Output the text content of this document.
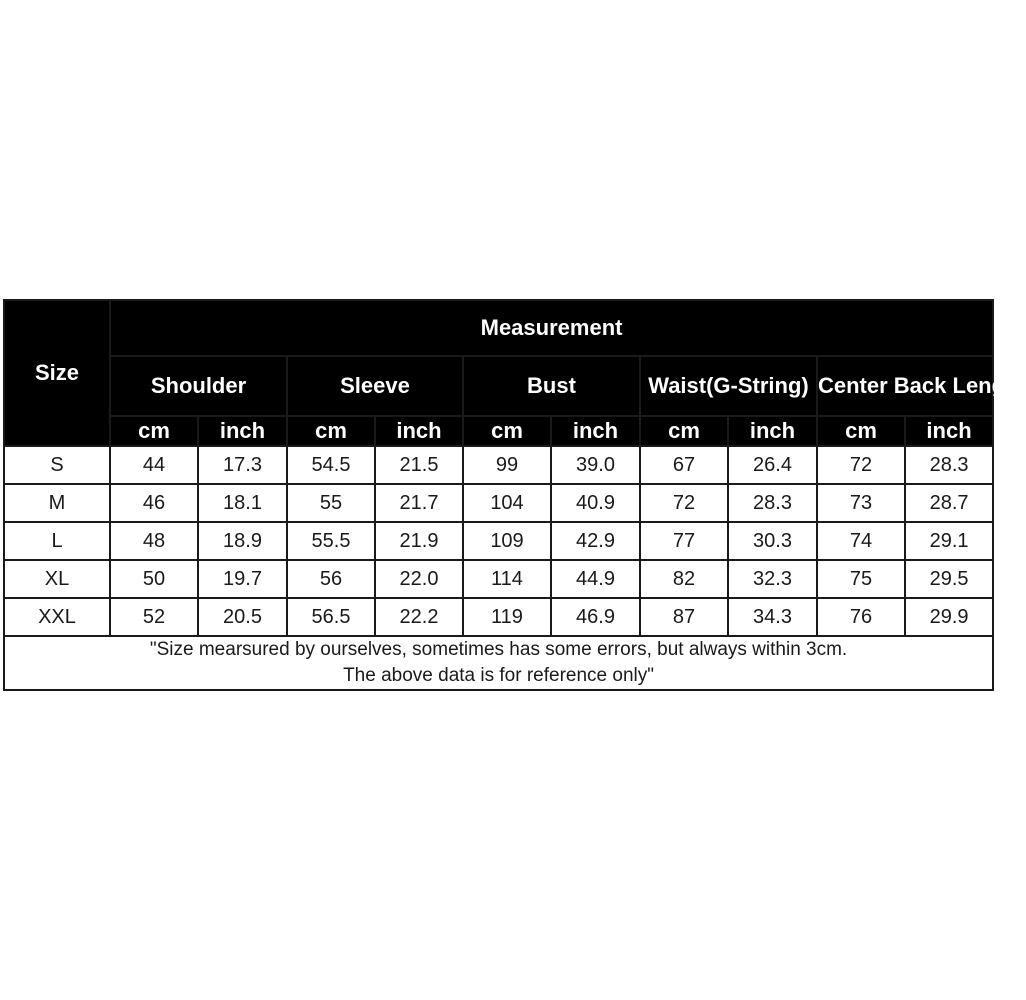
Size	Measurement									
	Shoulder		Sleeve		Bust		Waist(G-String)		Center Back Length	
	cm	inch	cm	inch	cm	inch	cm	inch	cm	inch
S	44	17.3	54.5	21.5	99	39.0	67	26.4	72	28.3
M	46	18.1	55	21.7	104	40.9	72	28.3	73	28.7
L	48	18.9	55.5	21.9	109	42.9	77	30.3	74	29.1
XL	50	19.7	56	22.0	114	44.9	82	32.3	75	29.5
XXL	52	20.5	56.5	22.2	119	46.9	87	34.3	76	29.9

"Size mearsured by ourselves, sometimes has some errors, but always within 3cm.
The above data is for reference only"										
